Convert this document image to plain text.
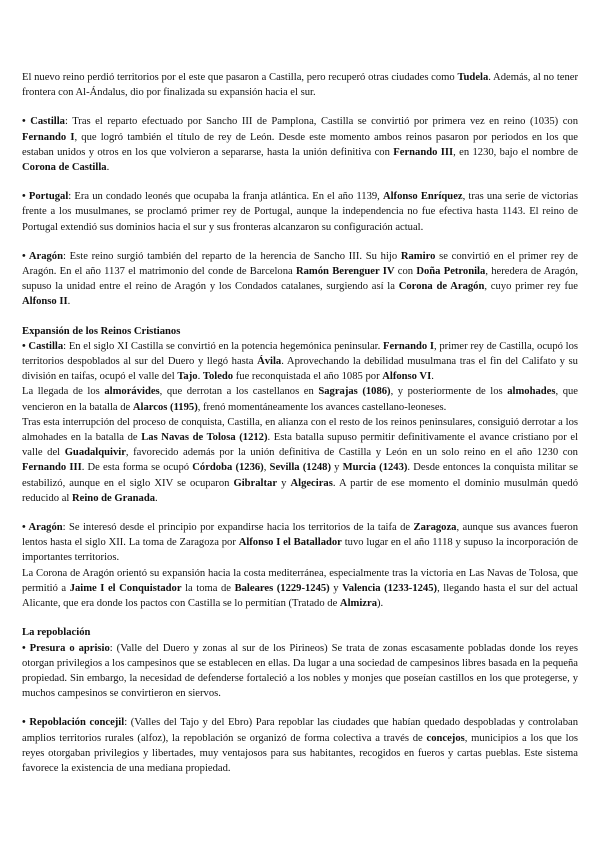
El nuevo reino perdió territorios por el este que pasaron a Castilla, pero recuperó otras ciudades como Tudela. Además, al no tener frontera con Al-Ándalus, dio por finalizada su expansión hacia el sur.

• Castilla: Tras el reparto efectuado por Sancho III de Pamplona, Castilla se convirtió por primera vez en reino (1035) con Fernando I, que logró también el título de rey de León. Desde este momento ambos reinos pasaron por periodos en los que estaban unidos y otros en los que volvieron a separarse, hasta la unión definitiva con Fernando III, en 1230, bajo el nombre de Corona de Castilla.

• Portugal: Era un condado leonés que ocupaba la franja atlántica. En el año 1139, Alfonso Enríquez, tras una serie de victorias frente a los musulmanes, se proclamó primer rey de Portugal, aunque la independencia no fue efectiva hasta 1143. El reino de Portugal extendió sus dominios hacia el sur y sus fronteras alcanzaron su configuración actual.

• Aragón: Este reino surgió también del reparto de la herencia de Sancho III. Su hijo Ramiro se convirtió en el primer rey de Aragón. En el año 1137 el matrimonio del conde de Barcelona Ramón Berenguer IV con Doña Petronila, heredera de Aragón, supuso la unidad entre el reino de Aragón y los Condados catalanes, surgiendo así la Corona de Aragón, cuyo primer rey fue Alfonso II.

Expansión de los Reinos Cristianos

• Castilla: En el siglo XI Castilla se convirtió en la potencia hegemónica peninsular. Fernando I, primer rey de Castilla, ocupó los territorios despoblados al sur del Duero y llegó hasta Ávila. Aprovechando la debilidad musulmana tras el fin del Califato y su división en taifas, ocupó el valle del Tajo. Toledo fue reconquistada el año 1085 por Alfonso VI.

La llegada de los almorávides, que derrotan a los castellanos en Sagrajas (1086), y posteriormente de los almohades, que vencieron en la batalla de Alarcos (1195), frenó momentáneamente los avances castellano-leoneses.

Tras esta interrupción del proceso de conquista, Castilla, en alianza con el resto de los reinos peninsulares, consiguió derrotar a los almohades en la batalla de Las Navas de Tolosa (1212). Esta batalla supuso permitir definitivamente el avance cristiano por el valle del Guadalquivir, favorecido además por la unión definitiva de Castilla y León en un solo reino en el año 1230 con Fernando III. De esta forma se ocupó Córdoba (1236), Sevilla (1248) y Murcia (1243). Desde entonces la conquista militar se estabilizó, aunque en el siglo XIV se ocuparon Gibraltar y Algeciras. A partir de ese momento el dominio musulmán quedó reducido al Reino de Granada.

• Aragón: Se interesó desde el principio por expandirse hacia los territorios de la taifa de Zaragoza, aunque sus avances fueron lentos hasta el siglo XII. La toma de Zaragoza por Alfonso I el Batallador tuvo lugar en el año 1118 y supuso la incorporación de importantes territorios.

La Corona de Aragón orientó su expansión hacia la costa mediterránea, especialmente tras la victoria en Las Navas de Tolosa, que permitió a Jaime I el Conquistador la toma de Baleares (1229-1245) y Valencia (1233-1245), llegando hasta el sur del actual Alicante, que era donde los pactos con Castilla se lo permitían (Tratado de Almizra).

La repoblación

• Presura o aprisio: (Valle del Duero y zonas al sur de los Pirineos) Se trata de zonas escasamente pobladas donde los reyes otorgan privilegios a los campesinos que se establecen en ellas. Da lugar a una sociedad de campesinos libres basada en la pequeña propiedad. Sin embargo, la necesidad de defenderse fortaleció a los nobles y monjes que poseían castillos en los que protegerse, y muchos campesinos se convirtieron en siervos.

• Repoblación concejil: (Valles del Tajo y del Ebro) Para repoblar las ciudades que habían quedado despobladas y controlaban amplios territorios rurales (alfoz), la repoblación se organizó de forma colectiva a través de concejos, municipios a los que los reyes otorgaban privilegios y libertades, muy ventajosos para sus habitantes, recogidos en fueros y cartas pueblas. Este sistema favorece la existencia de una mediana propiedad.
